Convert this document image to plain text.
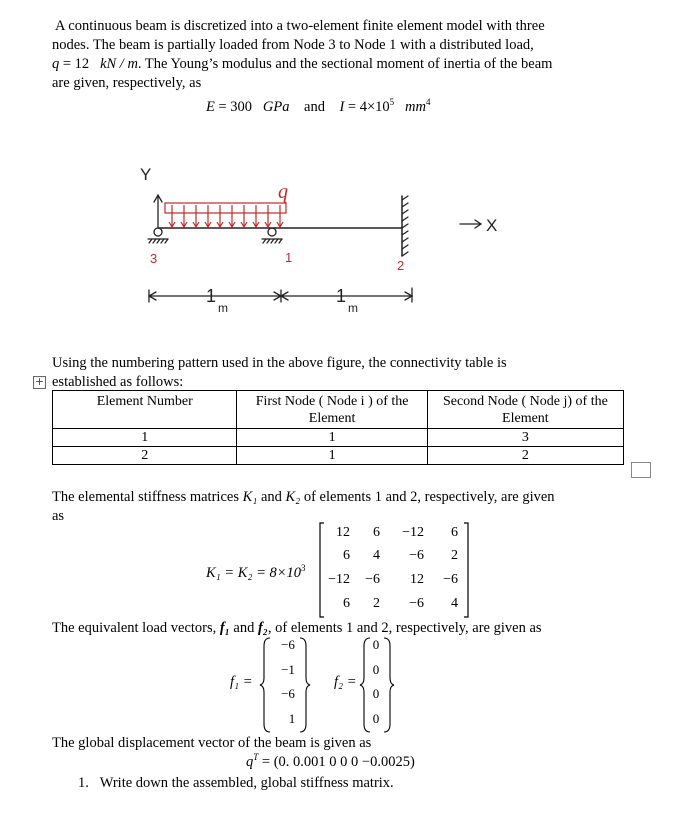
A continuous beam is discretized into a two-element finite element model with three
nodes. The beam is partially loaded from Node 3 to Node 1 with a distributed load,
q = 12 kN / m. The Young’s modulus and the sectional moment of inertia of the beam
are given, respectively, as
E = 300 GPa and $I = 4\times 10^5$ $mm^4$
Y
X
q
3	1
2
1
m
1
m
Using the numbering pattern used in the above figure, the connectivity table is
established as follows:
+
Element Number	First Node ( Node i ) of the Element	Second Node ( Node j) of the Element
1	1	3
2	1	2
The elemental stiffness matrices K₁ and K₂ of elements 1 and 2, respectively, are given
as
$K_1 = K_2 = 8\times 10^3$
12	6	−12	6
6	4	−6	2
−12	−6	12	−6
6	2	−6	4
The equivalent load vectors, f₁ and f₂, of elements 1 and 2, respectively, are given as
f₁ =
−6
−1
−6
1
f₂ =
0
0
0
0
The global displacement vector of the beam is given as
$q^T = (0$. 0.001 0 0 0 −0.0025)
1. Write down the assembled, global stiffness matrix.
